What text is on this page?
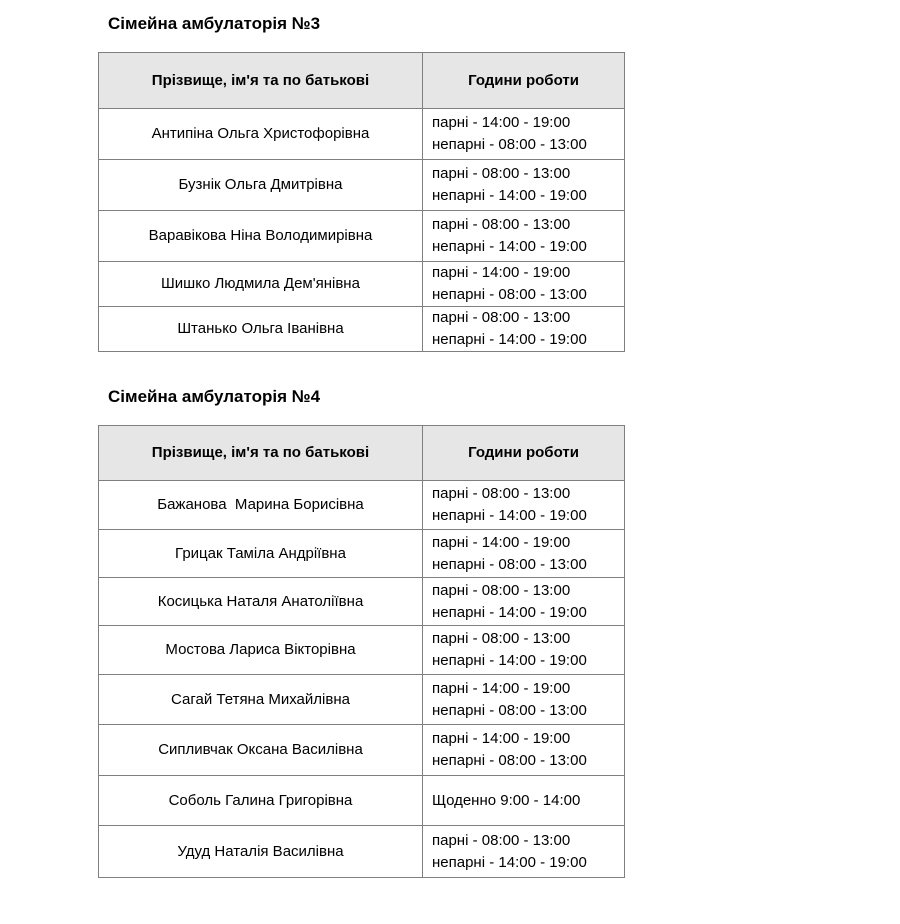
Сімейна амбулаторія №3
Прізвище, ім'я та по батькові	Години роботи
Антипіна Ольга Христофорівна	парні - 14:00 - 19:00
непарні - 08:00 - 13:00

Бузнік Ольга Дмитрівна	парні - 08:00 - 13:00
непарні - 14:00 - 19:00

Варавікова Ніна Володимирівна	парні - 08:00 - 13:00
непарні - 14:00 - 19:00

Шишко Людмила Дем'янівна	парні - 14:00 - 19:00
непарні - 08:00 - 13:00

Штанько Ольга Іванівна	парні - 08:00 - 13:00
непарні - 14:00 - 19:00
Сімейна амбулаторія №4
Прізвище, ім'я та по батькові	Години роботи
Бажанова  Марина Борисівна	парні - 08:00 - 13:00
непарні - 14:00 - 19:00

Грицак Таміла Андріївна	парні - 14:00 - 19:00
непарні - 08:00 - 13:00

Косицька Наталя Анатоліївна	парні - 08:00 - 13:00
непарні - 14:00 - 19:00

Мостова Лариса Вікторівна	парні - 08:00 - 13:00
непарні - 14:00 - 19:00

Сагай Тетяна Михайлівна	парні - 14:00 - 19:00
непарні - 08:00 - 13:00

Сипливчак Оксана Василівна	парні - 14:00 - 19:00
непарні - 08:00 - 13:00

Соболь Галина Григорівна	Щоденно 9:00 - 14:00

Удуд Наталія Василівна	парні - 08:00 - 13:00
непарні - 14:00 - 19:00
